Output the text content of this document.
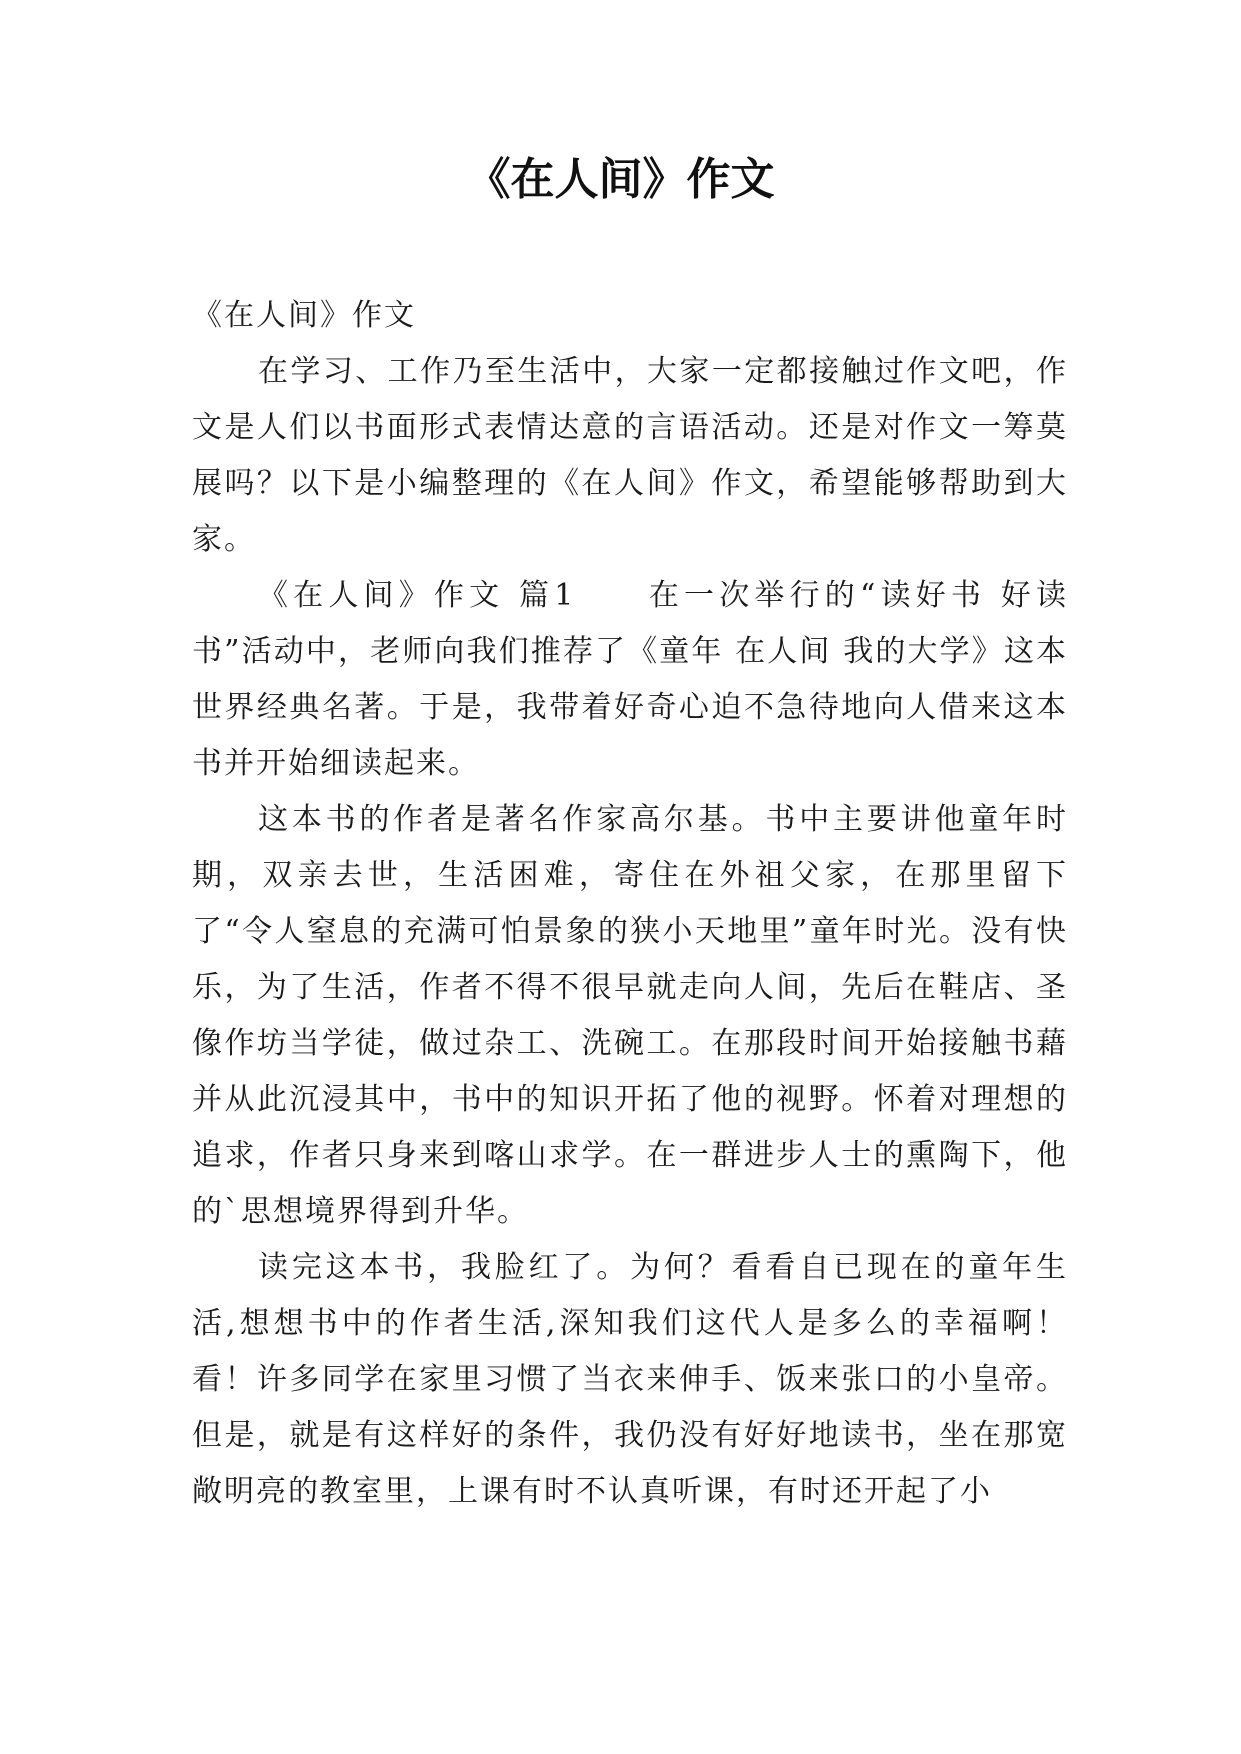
《在人间》作文

《在人间》作文

在学习、工作乃至生活中，大家一定都接触过作文吧，作文是人们以书面形式表情达意的言语活动。还是对作文一筹莫展吗？以下是小编整理的《在人间》作文，希望能够帮助到大家。

《在人间》作文 篇1　　在一次举行的“读好书 好读书”活动中，老师向我们推荐了《童年 在人间 我的大学》这本世界经典名著。于是，我带着好奇心迫不急待地向人借来这本书并开始细读起来。

这本书的作者是著名作家高尔基。书中主要讲他童年时期，双亲去世，生活困难，寄住在外祖父家，在那里留下了“令人窒息的充满可怕景象的狭小天地里”童年时光。没有快乐，为了生活，作者不得不很早就走向人间，先后在鞋店、圣像作坊当学徒，做过杂工、洗碗工。在那段时间开始接触书藉并从此沉浸其中，书中的知识开拓了他的视野。怀着对理想的追求，作者只身来到喀山求学。在一群进步人士的熏陶下，他的`思想境界得到升华。

读完这本书，我脸红了。为何？看看自已现在的童年生活,想想书中的作者生活,深知我们这代人是多么的幸福啊！看！许多同学在家里习惯了当衣来伸手、饭来张口的小皇帝。但是，就是有这样好的条件，我仍没有好好地读书，坐在那宽敞明亮的教室里，上课有时不认真听课，有时还开起了小
